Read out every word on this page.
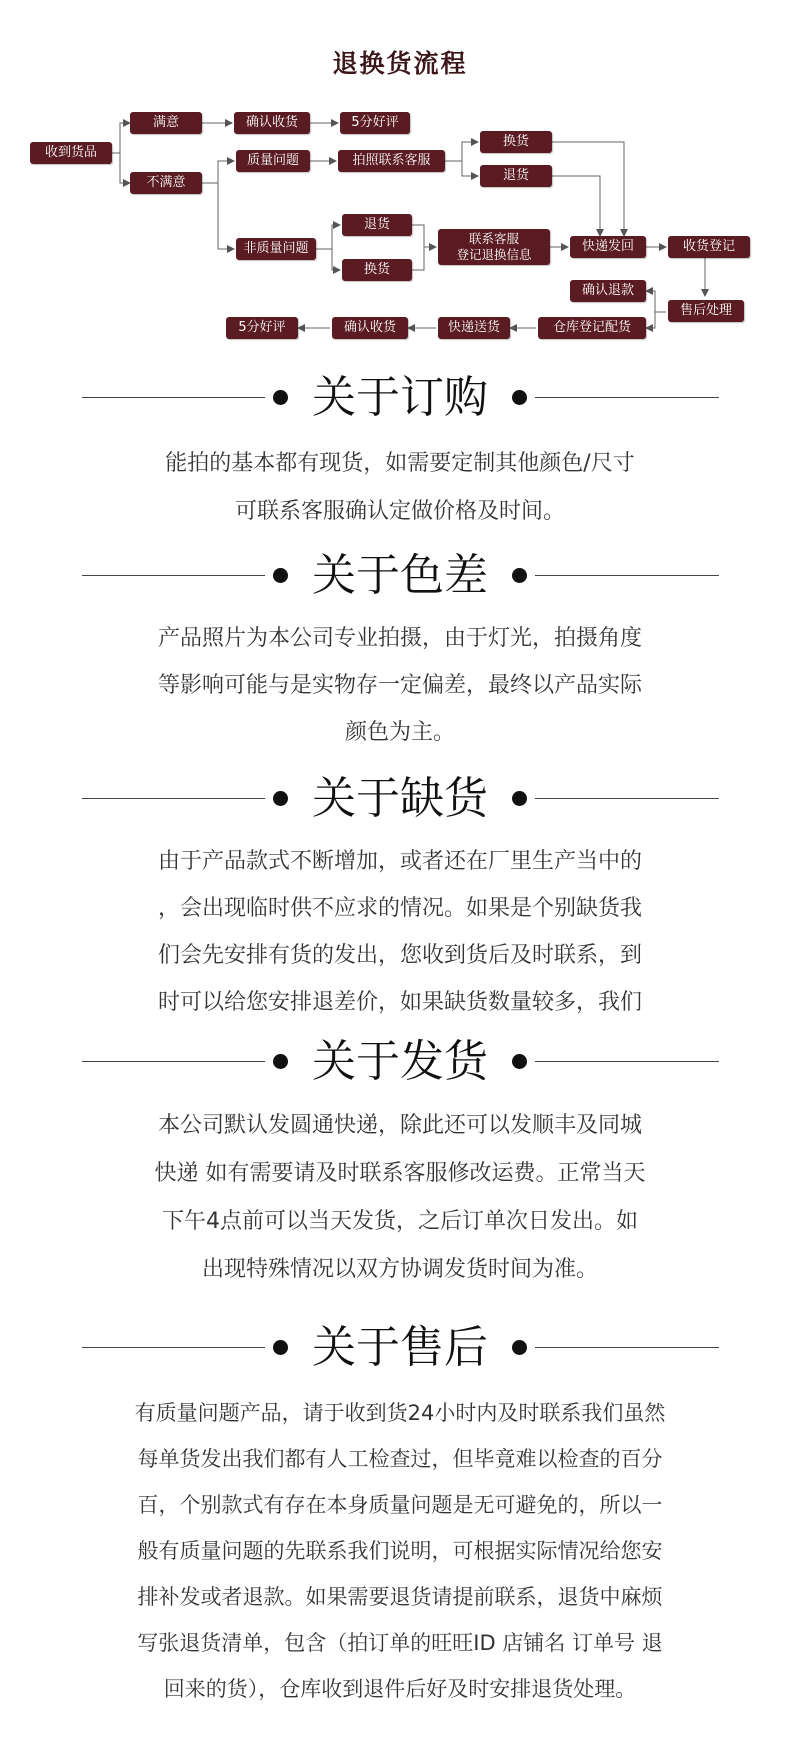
退换货流程
收到货品
满意
不满意
确认收货	5分好评
质量问题	拍照联系客服
换货
退货
非质量问题
退货
换货
联系客服
登记退换信息
快递发回	收货登记
售后处理
确认退款
仓库登记配货
快递送货
确认收货
5分好评
关于订购
能拍的基本都有现货，如需要定制其他颜色/尺寸
可联系客服确认定做价格及时间。
关于色差
产品照片为本公司专业拍摄，由于灯光，拍摄角度
等影响可能与是实物存一定偏差，最终以产品实际
颜色为主。
关于缺货
由于产品款式不断增加，或者还在厂里生产当中的
，会出现临时供不应求的情况。如果是个别缺货我
们会先安排有货的发出，您收到货后及时联系，到
时可以给您安排退差价，如果缺货数量较多，我们
关于发货
本公司默认发圆通快递，除此还可以发顺丰及同城
快递 如有需要请及时联系客服修改运费。正常当天
下午4点前可以当天发货，之后订单次日发出。如
出现特殊情况以双方协调发货时间为准。
关于售后
有质量问题产品，请于收到货24小时内及时联系我们虽然
每单货发出我们都有人工检查过，但毕竟难以检查的百分
百，个别款式有存在本身质量问题是无可避免的，所以一
般有质量问题的先联系我们说明，可根据实际情况给您安
排补发或者退款。如果需要退货请提前联系，退货中麻烦
写张退货清单，包含（拍订单的旺旺ID 店铺名 订单号 退
回来的货），仓库收到退件后好及时安排退货处理。
